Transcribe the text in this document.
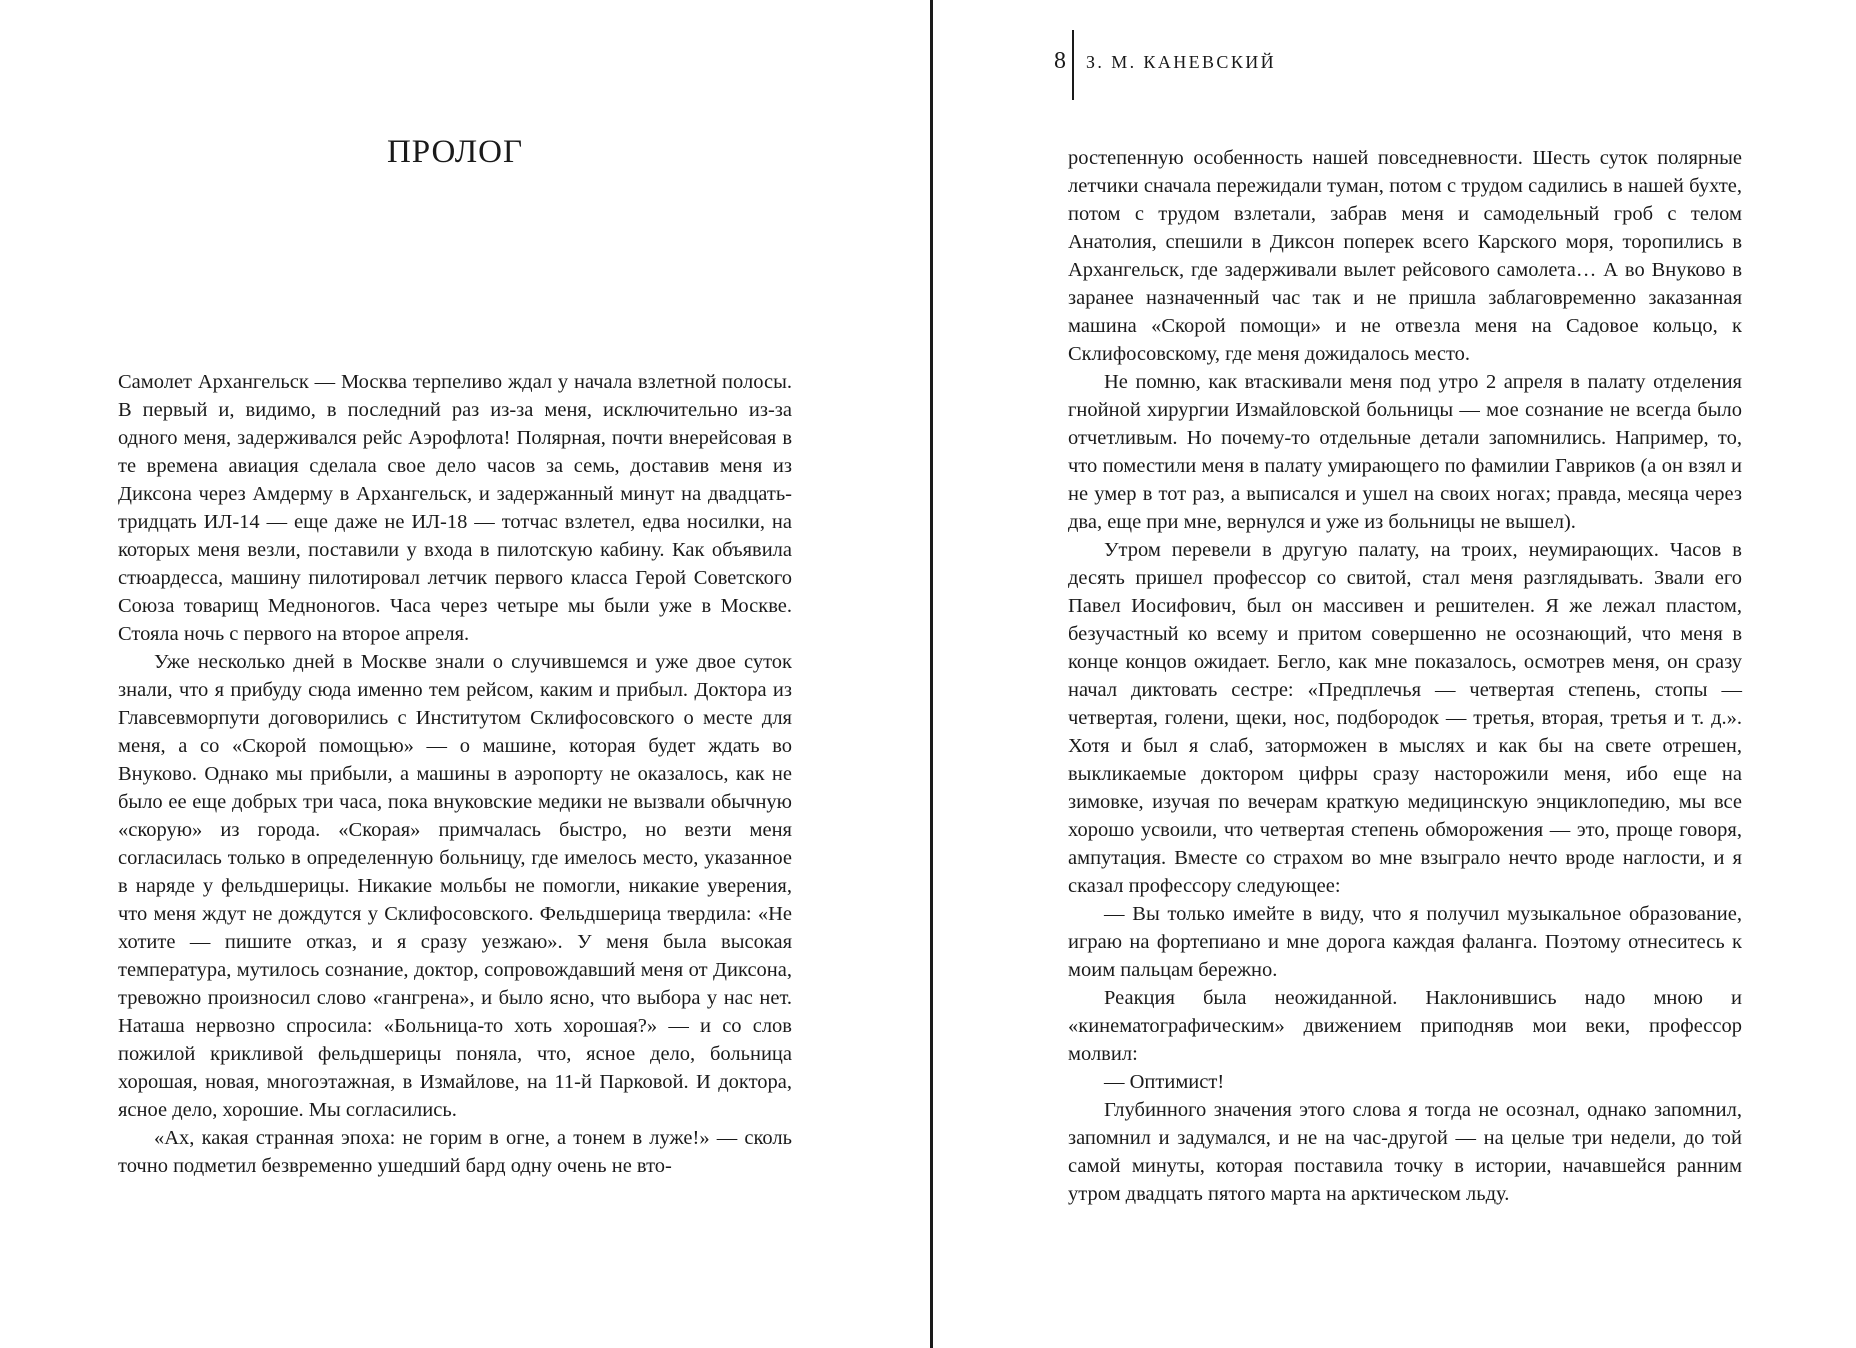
ПРОЛОГ

Самолет Архангельск — Москва терпеливо ждал у начала взлетной полосы. В первый и, видимо, в последний раз из-за меня, исключительно из-за одного меня, задерживался рейс Аэрофлота! Полярная, почти внерейсовая в те времена авиация сделала свое дело часов за семь, доставив меня из Диксона через Амдерму в Архангельск, и задержанный минут на двадцать-тридцать ИЛ-14 — еще даже не ИЛ-18 — тотчас взлетел, едва носилки, на которых меня везли, поставили у входа в пилотскую кабину. Как объявила стюардесса, машину пилотировал летчик первого класса Герой Советского Союза товарищ Медноногов. Часа через четыре мы были уже в Москве. Стояла ночь с первого на второе апреля.

Уже несколько дней в Москве знали о случившемся и уже двое суток знали, что я прибуду сюда именно тем рейсом, каким и прибыл. Доктора из Главсевморпути договорились с Институтом Склифосовского о месте для меня, а со «Скорой помощью» — о машине, которая будет ждать во Внуково. Однако мы прибыли, а машины в аэропорту не оказалось, как не было ее еще добрых три часа, пока внуковские медики не вызвали обычную «скорую» из города. «Скорая» примчалась быстро, но везти меня согласилась только в определенную больницу, где имелось место, указанное в наряде у фельдшерицы. Никакие мольбы не помогли, никакие уверения, что меня ждут не дождутся у Склифосовского. Фельдшерица твердила: «Не хотите — пишите отказ, и я сразу уезжаю». У меня была высокая температура, мутилось сознание, доктор, сопровождавший меня от Диксона, тревожно произносил слово «гангрена», и было ясно, что выбора у нас нет. Наташа нервозно спросила: «Больница-то хоть хорошая?» — и со слов пожилой крикливой фельдшерицы поняла, что, ясное дело, больница хорошая, новая, многоэтажная, в Измайлове, на 11-й Парковой. И доктора, ясное дело, хорошие. Мы согласились.

«Ах, какая странная эпоха: не горим в огне, а тонем в луже!» — сколь точно подметил безвременно ушедший бард одну очень не вто-

8 З. М. КАНЕВСКИЙ

ростепенную особенность нашей повседневности. Шесть суток полярные летчики сначала пережидали туман, потом с трудом садились в нашей бухте, потом с трудом взлетали, забрав меня и самодельный гроб с телом Анатолия, спешили в Диксон поперек всего Карского моря, торопились в Архангельск, где задерживали вылет рейсового самолета… А во Внуково в заранее назначенный час так и не пришла заблаговременно заказанная машина «Скорой помощи» и не отвезла меня на Садовое кольцо, к Склифосовскому, где меня дожидалось место.

Не помню, как втаскивали меня под утро 2 апреля в палату отделения гнойной хирургии Измайловской больницы — мое сознание не всегда было отчетливым. Но почему-то отдельные детали запомнились. Например, то, что поместили меня в палату умирающего по фамилии Гавриков (а он взял и не умер в тот раз, а выписался и ушел на своих ногах; правда, месяца через два, еще при мне, вернулся и уже из больницы не вышел).

Утром перевели в другую палату, на троих, неумирающих. Часов в десять пришел профессор со свитой, стал меня разглядывать. Звали его Павел Иосифович, был он массивен и решителен. Я же лежал пластом, безучастный ко всему и притом совершенно не осознающий, что меня в конце концов ожидает. Бегло, как мне показалось, осмотрев меня, он сразу начал диктовать сестре: «Предплечья — четвертая степень, стопы — четвертая, голени, щеки, нос, подбородок — третья, вторая, третья и т. д.». Хотя и был я слаб, заторможен в мыслях и как бы на свете отрешен, выкликаемые доктором цифры сразу насторожили меня, ибо еще на зимовке, изучая по вечерам краткую медицинскую энциклопедию, мы все хорошо усвоили, что четвертая степень обморожения — это, проще говоря, ампутация. Вместе со страхом во мне взыграло нечто вроде наглости, и я сказал профессору следующее:

— Вы только имейте в виду, что я получил музыкальное образование, играю на фортепиано и мне дорога каждая фаланга. Поэтому отнеситесь к моим пальцам бережно.

Реакция была неожиданной. Наклонившись надо мною и «кинематографическим» движением приподняв мои веки, профессор молвил:

— Оптимист!

Глубинного значения этого слова я тогда не осознал, однако запомнил, запомнил и задумался, и не на час-другой — на целые три недели, до той самой минуты, которая поставила точку в истории, начавшейся ранним утром двадцать пятого марта на арктическом льду.
